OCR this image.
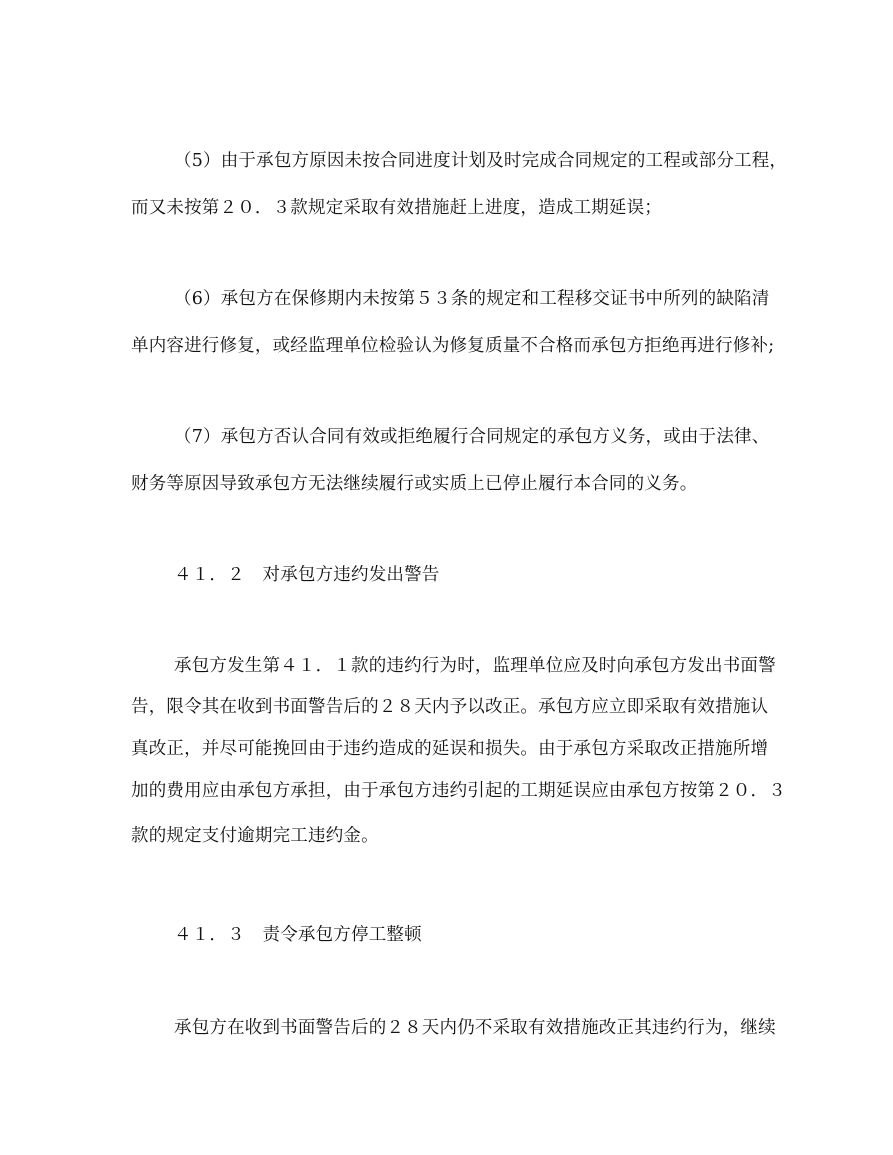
（5）由于承包方原因未按合同进度计划及时完成合同规定的工程或部分工程，
而又未按第２０．３款规定采取有效措施赶上进度，造成工期延误；
（6）承包方在保修期内未按第５３条的规定和工程移交证书中所列的缺陷清
单内容进行修复，或经监理单位检验认为修复质量不合格而承包方拒绝再进行修补;
（7）承包方否认合同有效或拒绝履行合同规定的承包方义务，或由于法律、
财务等原因导致承包方无法继续履行或实质上已停止履行本合同的义务。
４１．２　对承包方违约发出警告
承包方发生第４１．１款的违约行为时，监理单位应及时向承包方发出书面警
告，限令其在收到书面警告后的２８天内予以改正。承包方应立即采取有效措施认
真改正，并尽可能挽回由于违约造成的延误和损失。由于承包方采取改正措施所增
加的费用应由承包方承担，由于承包方违约引起的工期延误应由承包方按第２０．３
款的规定支付逾期完工违约金。
４１．３　责令承包方停工整顿
承包方在收到书面警告后的２８天内仍不采取有效措施改正其违约行为，继续
